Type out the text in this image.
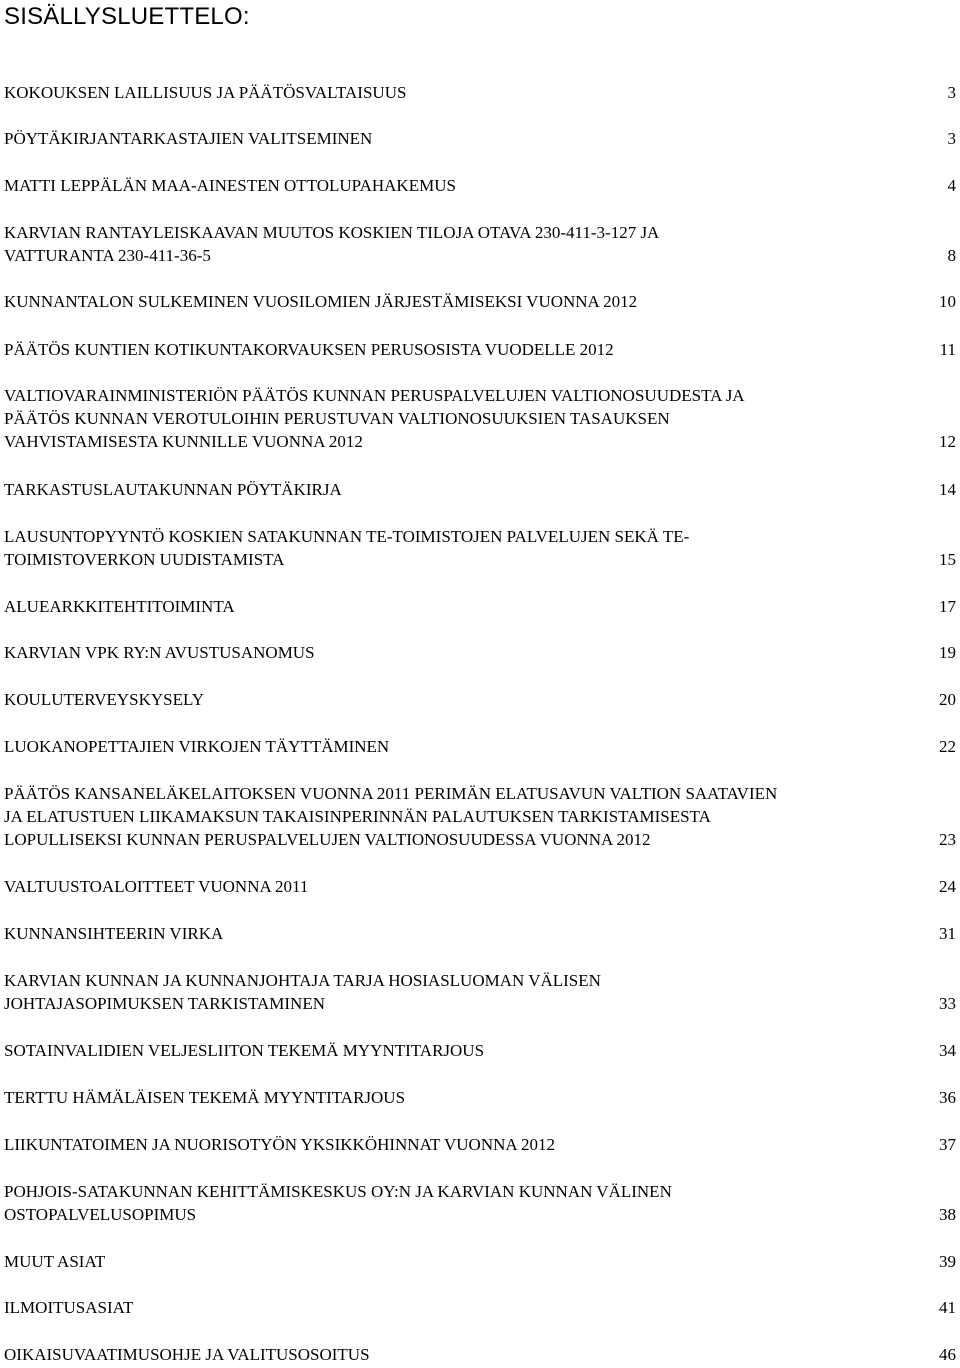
SISÄLLYSLUETTELO:
KOKOUKSEN LAILLISUUS JA PÄÄTÖSVALTAISUUS	3
PÖYTÄKIRJANTARKASTAJIEN VALITSEMINEN	3
MATTI LEPPÄLÄN MAA-AINESTEN OTTOLUPAHAKEMUS	4
KARVIAN RANTAYLEISKAAVAN MUUTOS KOSKIEN TILOJA OTAVA 230-411-3-127 JA
VATTURANTA 230-411-36-5	8
KUNNANTALON SULKEMINEN VUOSILOMIEN JÄRJESTÄMISEKSI VUONNA 2012	10
PÄÄTÖS KUNTIEN KOTIKUNTAKORVAUKSEN PERUSOSISTA VUODELLE 2012	11
VALTIOVARAINMINISTERIÖN PÄÄTÖS KUNNAN PERUSPALVELUJEN VALTIONOSUUDESTA JA
PÄÄTÖS KUNNAN VEROTULOIHIN PERUSTUVAN VALTIONOSUUKSIEN TASAUKSEN
VAHVISTAMISESTA KUNNILLE VUONNA 2012	12
TARKASTUSLAUTAKUNNAN PÖYTÄKIRJA	14
LAUSUNTOPYYNTÖ KOSKIEN SATAKUNNAN TE-TOIMISTOJEN PALVELUJEN SEKÄ TE-
TOIMISTOVERKON UUDISTAMISTA	15
ALUEARKKITEHTITOIMINTA	17
KARVIAN VPK RY:N AVUSTUSANOMUS	19
KOULUTERVEYSKYSELY	20
LUOKANOPETTAJIEN VIRKOJEN TÄYTTÄMINEN	22
PÄÄTÖS KANSANELÄKELAITOKSEN VUONNA 2011 PERIMÄN ELATUSAVUN VALTION SAATAVIEN
JA ELATUSTUEN LIIKAMAKSUN TAKAISINPERINNÄN PALAUTUKSEN TARKISTAMISESTA
LOPULLISEKSI KUNNAN PERUSPALVELUJEN VALTIONOSUUDESSA VUONNA 2012	23
VALTUUSTOALOITTEET VUONNA 2011	24
KUNNANSIHTEERIN VIRKA	31
KARVIAN KUNNAN JA KUNNANJOHTAJA TARJA HOSIASLUOMAN VÄLISEN
JOHTAJASOPIMUKSEN TARKISTAMINEN	33
SOTAINVALIDIEN VELJESLIITON TEKEMÄ MYYNTITARJOUS	34
TERTTU HÄMÄLÄISEN TEKEMÄ MYYNTITARJOUS	36
LIIKUNTATOIMEN JA NUORISOTYÖN YKSIKKÖHINNAT VUONNA 2012	37
POHJOIS-SATAKUNNAN KEHITTÄMISKESKUS OY:N JA KARVIAN KUNNAN VÄLINEN
OSTOPALVELUSOPIMUS	38
MUUT ASIAT	39
ILMOITUSASIAT	41
OIKAISUVAATIMUSOHJE JA VALITUSOSOITUS	46
